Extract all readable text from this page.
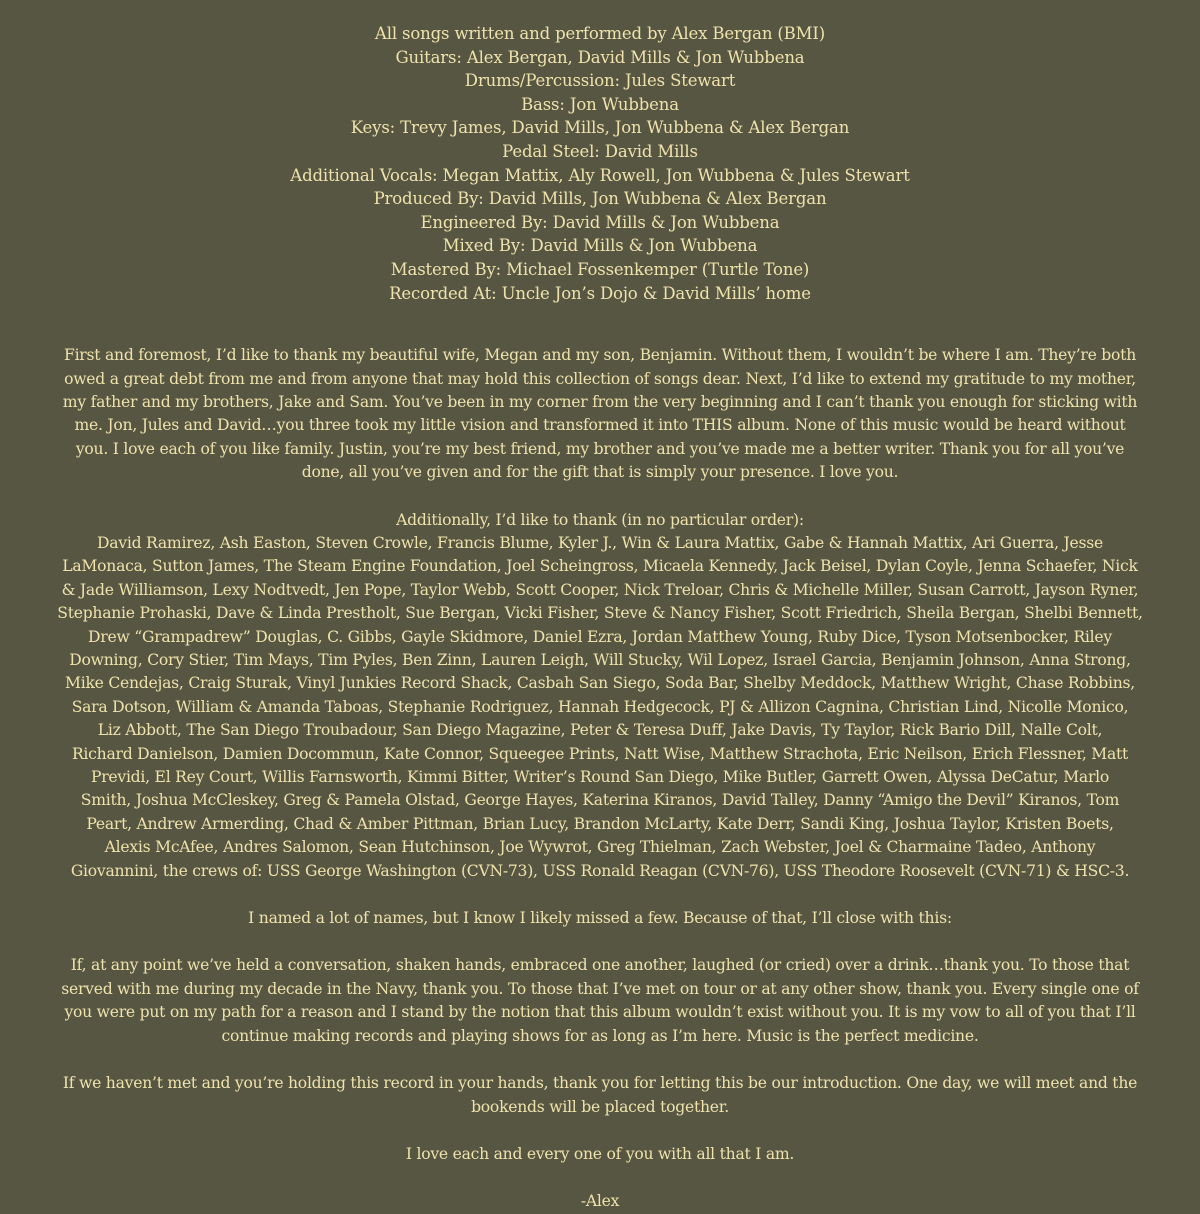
All songs written and performed by Alex Bergan (BMI)
Guitars: Alex Bergan, David Mills & Jon Wubbena
Drums/Percussion: Jules Stewart
Bass: Jon Wubbena
Keys: Trevy James, David Mills, Jon Wubbena & Alex Bergan
Pedal Steel: David Mills
Additional Vocals: Megan Mattix, Aly Rowell, Jon Wubbena & Jules Stewart
Produced By: David Mills, Jon Wubbena & Alex Bergan
Engineered By: David Mills & Jon Wubbena
Mixed By: David Mills & Jon Wubbena
Mastered By: Michael Fossenkemper (Turtle Tone)
Recorded At: Uncle Jon’s Dojo & David Mills’ home
First and foremost, I’d like to thank my beautiful wife, Megan and my son, Benjamin. Without them, I wouldn’t be where I am. They’re both
owed a great debt from me and from anyone that may hold this collection of songs dear. Next, I’d like to extend my gratitude to my mother,
my father and my brothers, Jake and Sam. You’ve been in my corner from the very beginning and I can’t thank you enough for sticking with
me. Jon, Jules and David…you three took my little vision and transformed it into THIS album. None of this music would be heard without
you. I love each of you like family. Justin, you’re my best friend, my brother and you’ve made me a better writer. Thank you for all you’ve
done, all you’ve given and for the gift that is simply your presence. I love you.
Additionally, I’d like to thank (in no particular order):
David Ramirez, Ash Easton, Steven Crowle, Francis Blume, Kyler J., Win & Laura Mattix, Gabe & Hannah Mattix, Ari Guerra, Jesse
LaMonaca, Sutton James, The Steam Engine Foundation, Joel Scheingross, Micaela Kennedy, Jack Beisel, Dylan Coyle, Jenna Schaefer, Nick
& Jade Williamson, Lexy Nodtvedt, Jen Pope, Taylor Webb, Scott Cooper, Nick Treloar, Chris & Michelle Miller, Susan Carrott, Jayson Ryner,
Stephanie Prohaski, Dave & Linda Prestholt, Sue Bergan, Vicki Fisher, Steve & Nancy Fisher, Scott Friedrich, Sheila Bergan, Shelbi Bennett,
Drew “Grampadrew” Douglas, C. Gibbs, Gayle Skidmore, Daniel Ezra, Jordan Matthew Young, Ruby Dice, Tyson Motsenbocker, Riley
Downing, Cory Stier, Tim Mays, Tim Pyles, Ben Zinn, Lauren Leigh, Will Stucky, Wil Lopez, Israel Garcia, Benjamin Johnson, Anna Strong,
Mike Cendejas, Craig Sturak, Vinyl Junkies Record Shack, Casbah San Siego, Soda Bar, Shelby Meddock, Matthew Wright, Chase Robbins,
Sara Dotson, William & Amanda Taboas, Stephanie Rodriguez, Hannah Hedgecock, PJ & Allizon Cagnina, Christian Lind, Nicolle Monico,
Liz Abbott, The San Diego Troubadour, San Diego Magazine, Peter & Teresa Duff, Jake Davis, Ty Taylor, Rick Bario Dill, Nalle Colt,
Richard Danielson, Damien Docommun, Kate Connor, Squeegee Prints, Natt Wise, Matthew Strachota, Eric Neilson, Erich Flessner, Matt
Previdi, El Rey Court, Willis Farnsworth, Kimmi Bitter, Writer’s Round San Diego, Mike Butler, Garrett Owen, Alyssa DeCatur, Marlo
Smith, Joshua McCleskey, Greg & Pamela Olstad, George Hayes, Katerina Kiranos, David Talley, Danny “Amigo the Devil” Kiranos, Tom
Peart, Andrew Armerding, Chad & Amber Pittman, Brian Lucy, Brandon McLarty, Kate Derr, Sandi King, Joshua Taylor, Kristen Boets,
Alexis McAfee, Andres Salomon, Sean Hutchinson, Joe Wywrot, Greg Thielman, Zach Webster, Joel & Charmaine Tadeo, Anthony
Giovannini, the crews of: USS George Washington (CVN-73), USS Ronald Reagan (CVN-76), USS Theodore Roosevelt (CVN-71) & HSC-3.
I named a lot of names, but I know I likely missed a few. Because of that, I’ll close with this:
If, at any point we’ve held a conversation, shaken hands, embraced one another, laughed (or cried) over a drink…thank you. To those that
served with me during my decade in the Navy, thank you. To those that I’ve met on tour or at any other show, thank you. Every single one of
you were put on my path for a reason and I stand by the notion that this album wouldn’t exist without you. It is my vow to all of you that I’ll
continue making records and playing shows for as long as I’m here. Music is the perfect medicine.
If we haven’t met and you’re holding this record in your hands, thank you for letting this be our introduction. One day, we will meet and the
bookends will be placed together.
I love each and every one of you with all that I am.
-Alex
